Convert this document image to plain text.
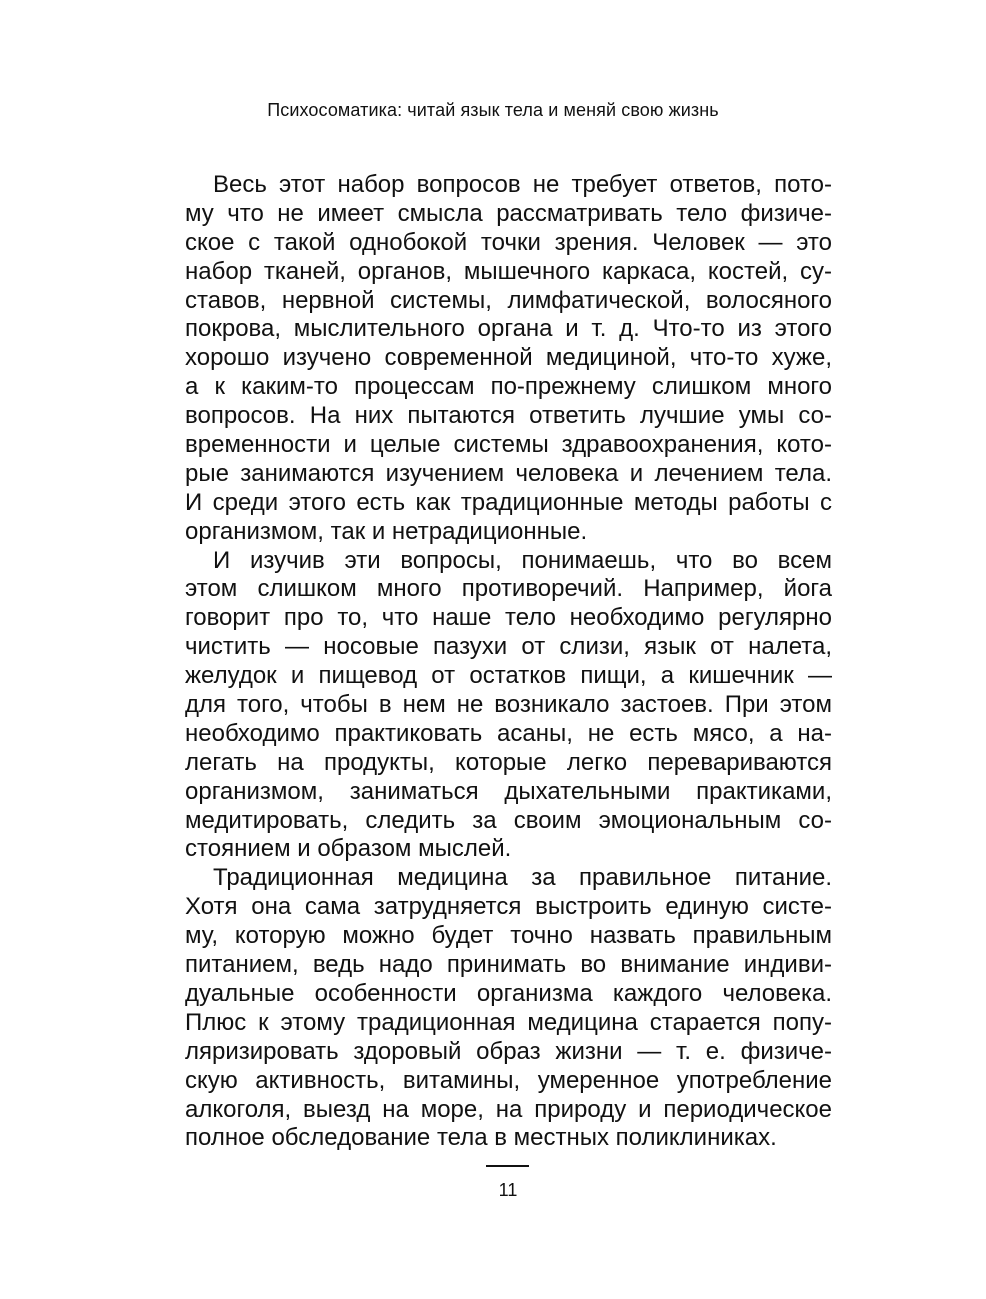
Психосоматика: читай язык тела и меняй свою жизнь

Весь этот набор вопросов не требует ответов, пото-
му что не имеет смысла рассматривать тело физиче-
ское с такой однобокой точки зрения. Человек — это
набор тканей, органов, мышечного каркаса, костей, су-
ставов, нервной системы, лимфатической, волосяного
покрова, мыслительного органа и т. д. Что-то из этого
хорошо изучено современной медициной, что-то хуже,
а к каким-то процессам по-прежнему слишком много
вопросов. На них пытаются ответить лучшие умы со-
временности и целые системы здравоохранения, кото-
рые занимаются изучением человека и лечением тела.
И среди этого есть как традиционные методы работы с
организмом, так и нетрадиционные.

И изучив эти вопросы, понимаешь, что во всем
этом слишком много противоречий. Например, йога
говорит про то, что наше тело необходимо регулярно
чистить — носовые пазухи от слизи, язык от налета,
желудок и пищевод от остатков пищи, а кишечник —
для того, чтобы в нем не возникало застоев. При этом
необходимо практиковать асаны, не есть мясо, а на-
легать на продукты, которые легко перевариваются
организмом, заниматься дыхательными практиками,
медитировать, следить за своим эмоциональным со-
стоянием и образом мыслей.

Традиционная медицина за правильное питание.
Хотя она сама затрудняется выстроить единую систе-
му, которую можно будет точно назвать правильным
питанием, ведь надо принимать во внимание индиви-
дуальные особенности организма каждого человека.
Плюс к этому традиционная медицина старается попу-
ляризировать здоровый образ жизни — т. е. физиче-
скую активность, витамины, умеренное употребление
алкоголя, выезд на море, на природу и периодическое
полное обследование тела в местных поликлиниках.

11
